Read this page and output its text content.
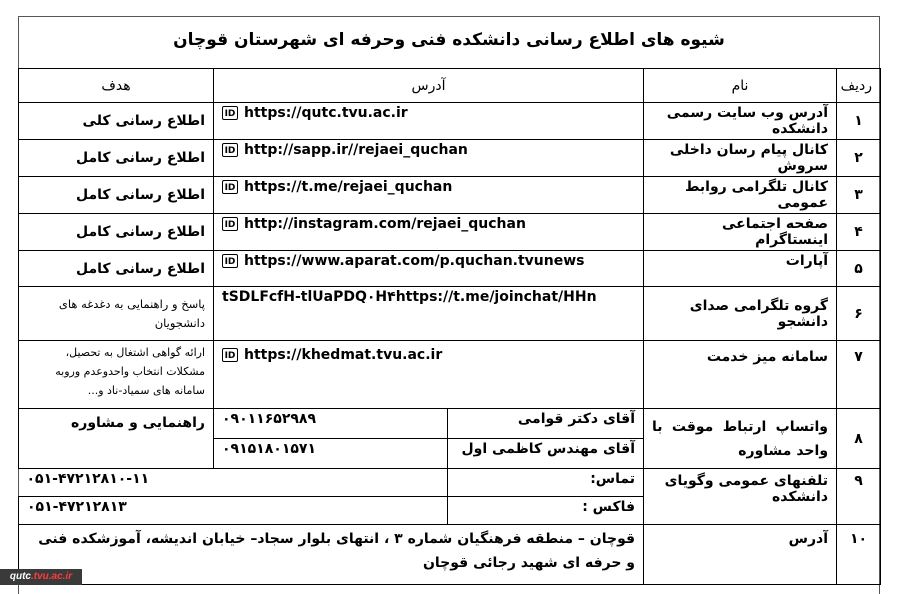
شیوه های اطلاع رسانی دانشکده فنی وحرفه ای شهرستان قوچان
ردیف	نام	آدرس		هدف
۱	آدرس وب سایت رسمی دانشکده	ID https://qutc.tvu.ac.ir		اطلاع رسانی کلی
۲	کانال پیام رسان داخلی سروش	ID http://sapp.ir//rejaei_quchan		اطلاع رسانی کامل
۳	کانال تلگرامی روابط عمومی	ID https://t.me/rejaei_quchan		اطلاع رسانی کامل
۴	صفحه اجتماعی اینستاگرام	ID http://instagram.com/rejaei_quchan		اطلاع رسانی کامل
۵	آپارات	ID https://www.aparat.com/p.quchan.tvunews		اطلاع رسانی کامل
۶	گروه تلگرامی صدای دانشجو	tSDLFcfH-tlUaPDQ۰H۴https://t.me/joinchat/HHn		پاسخ و راهنمایی به دغدغه های دانشجویان
۷	سامانه میز خدمت	ID https://khedmat.tvu.ac.ir		ارائه گواهی اشتغال به تحصیل، مشکلات انتخاب واحدوعدم وروبه سامانه های سمیاد-ناد و...
۸	واتساپ ارتباط موقت با واحد مشاوره	آقای دکتر قوامی	۰۹۰۱۱۶۵۲۹۸۹	راهنمایی و مشاوره
		آقای مهندس کاظمی اول	۰۹۱۵۱۸۰۱۵۷۱	
۹	تلفنهای عمومی وگویای دانشکده	تماس:	۰۵۱-۴۷۲۱۲۸۱۰-۱۱	
		فاکس :	۰۵۱-۴۷۲۱۲۸۱۳	
۱۰	آدرس	قوچان – منطقه فرهنگیان شماره ۳ ، انتهای بلوار سجاد– خیابان اندیشه، آموزشکده فنی و حرفه ای شهید رجائی قوچان		
qutc.tvu.ac.ir
